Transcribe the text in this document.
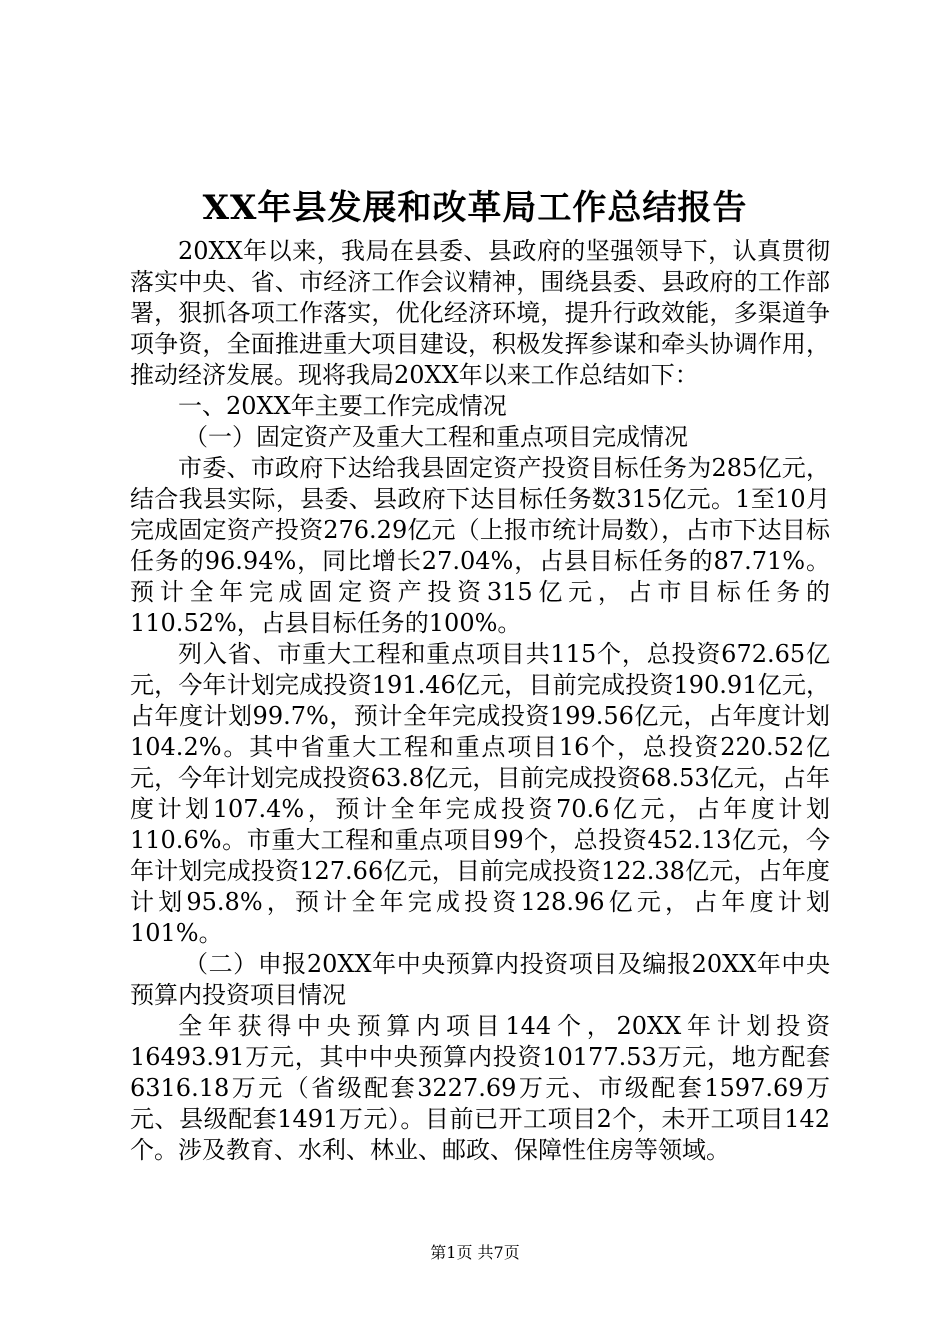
XX年县发展和改革局工作总结报告

20XX年以来，我局在县委、县政府的坚强领导下，认真贯彻落实中央、省、市经济工作会议精神，围绕县委、县政府的工作部署，狠抓各项工作落实，优化经济环境，提升行政效能，多渠道争项争资，全面推进重大项目建设，积极发挥参谋和牵头协调作用，推动经济发展。现将我局20XX年以来工作总结如下：

一、20XX年主要工作完成情况

（一）固定资产及重大工程和重点项目完成情况

市委、市政府下达给我县固定资产投资目标任务为285亿元，结合我县实际，县委、县政府下达目标任务数315亿元。1至10月完成固定资产投资276.29亿元（上报市统计局数），占市下达目标任务的96.94%，同比增长27.04%，占县目标任务的87.71%。预计全年完成固定资产投资315亿元，占市目标任务的110.52%，占县目标任务的100%。

列入省、市重大工程和重点项目共115个，总投资672.65亿元，今年计划完成投资191.46亿元，目前完成投资190.91亿元，占年度计划99.7%，预计全年完成投资199.56亿元，占年度计划104.2%。其中省重大工程和重点项目16个，总投资220.52亿元，今年计划完成投资63.8亿元，目前完成投资68.53亿元，占年度计划107.4%，预计全年完成投资70.6亿元，占年度计划110.6%。市重大工程和重点项目99个，总投资452.13亿元，今年计划完成投资127.66亿元，目前完成投资122.38亿元，占年度计划95.8%，预计全年完成投资128.96亿元，占年度计划101%。

（二）申报20XX年中央预算内投资项目及编报20XX年中央预算内投资项目情况

全年获得中央预算内项目144个，20XX年计划投资16493.91万元，其中中央预算内投资10177.53万元，地方配套6316.18万元（省级配套3227.69万元、市级配套1597.69万元、县级配套1491万元）。目前已开工项目2个，未开工项目142个。涉及教育、水利、林业、邮政、保障性住房等领域。

第1页 共7页
